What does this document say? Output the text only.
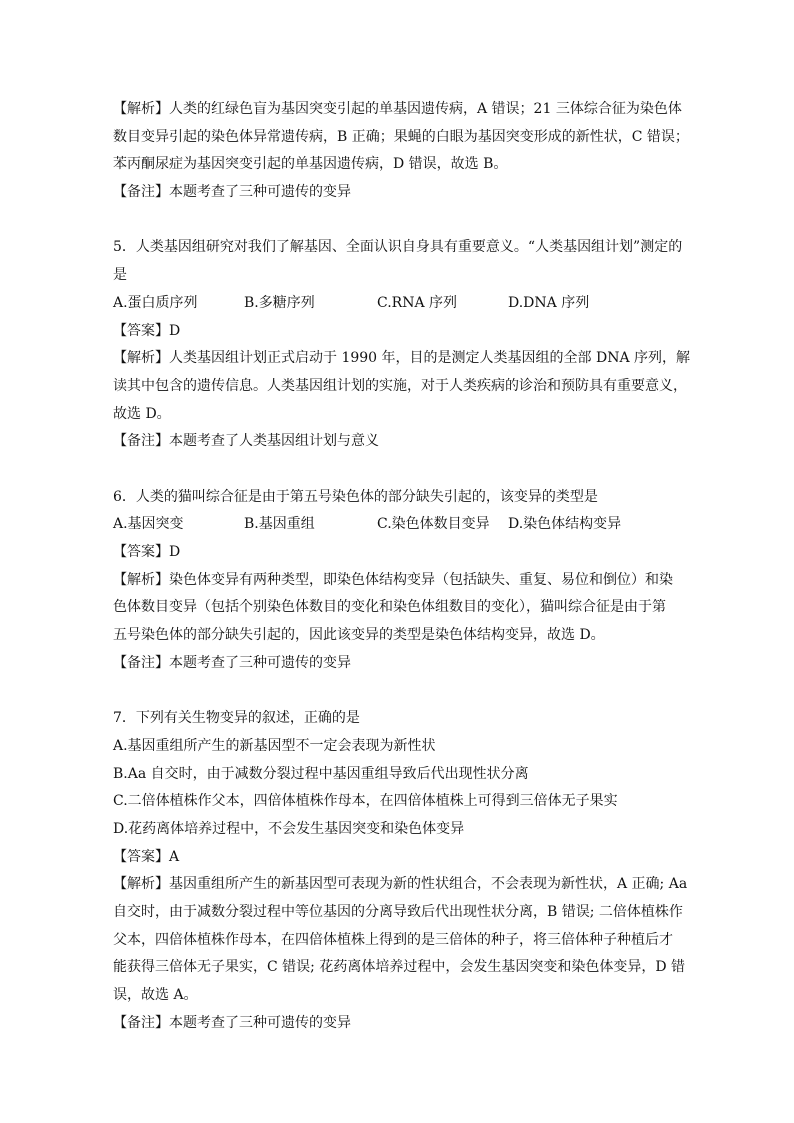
【解析】人类的红绿色盲为基因突变引起的单基因遗传病，A 错误；21 三体综合征为染色体
数目变异引起的染色体异常遗传病，B 正确；果蝇的白眼为基因突变形成的新性状，C 错误；
苯丙酮尿症为基因突变引起的单基因遗传病，D 错误，故选 B。
【备注】本题考查了三种可遗传的变异
5．人类基因组研究对我们了解基因、全面认识自身具有重要意义。“人类基因组计划”测定的
是
A.蛋白质序列	B.多糖序列	C.RNA 序列	D.DNA 序列
【答案】D
【解析】人类基因组计划正式启动于 1990 年，目的是测定人类基因组的全部 DNA 序列，解
读其中包含的遗传信息。人类基因组计划的实施，对于人类疾病的诊治和预防具有重要意义，
故选 D。
【备注】本题考查了人类基因组计划与意义
6．人类的猫叫综合征是由于第五号染色体的部分缺失引起的，该变异的类型是
A.基因突变	B.基因重组	C.染色体数目变异	D.染色体结构变异
【答案】D
【解析】染色体变异有两种类型，即染色体结构变异（包括缺失、重复、易位和倒位）和染
色体数目变异（包括个别染色体数目的变化和染色体组数目的变化），猫叫综合征是由于第
五号染色体的部分缺失引起的，因此该变异的类型是染色体结构变异，故选 D。
【备注】本题考查了三种可遗传的变异
7．下列有关生物变异的叙述，正确的是
A.基因重组所产生的新基因型不一定会表现为新性状
B.Aa 自交时，由于减数分裂过程中基因重组导致后代出现性状分离
C.二倍体植株作父本，四倍体植株作母本，在四倍体植株上可得到三倍体无子果实
D.花药离体培养过程中，不会发生基因突变和染色体变异
【答案】A
【解析】基因重组所产生的新基因型可表现为新的性状组合，不会表现为新性状，A 正确; Aa
自交时，由于减数分裂过程中等位基因的分离导致后代出现性状分离，B 错误; 二倍体植株作
父本，四倍体植株作母本，在四倍体植株上得到的是三倍体的种子，将三倍体种子种植后才
能获得三倍体无子果实，C 错误; 花药离体培养过程中，会发生基因突变和染色体变异，D 错
误，故选 A。
【备注】本题考查了三种可遗传的变异
